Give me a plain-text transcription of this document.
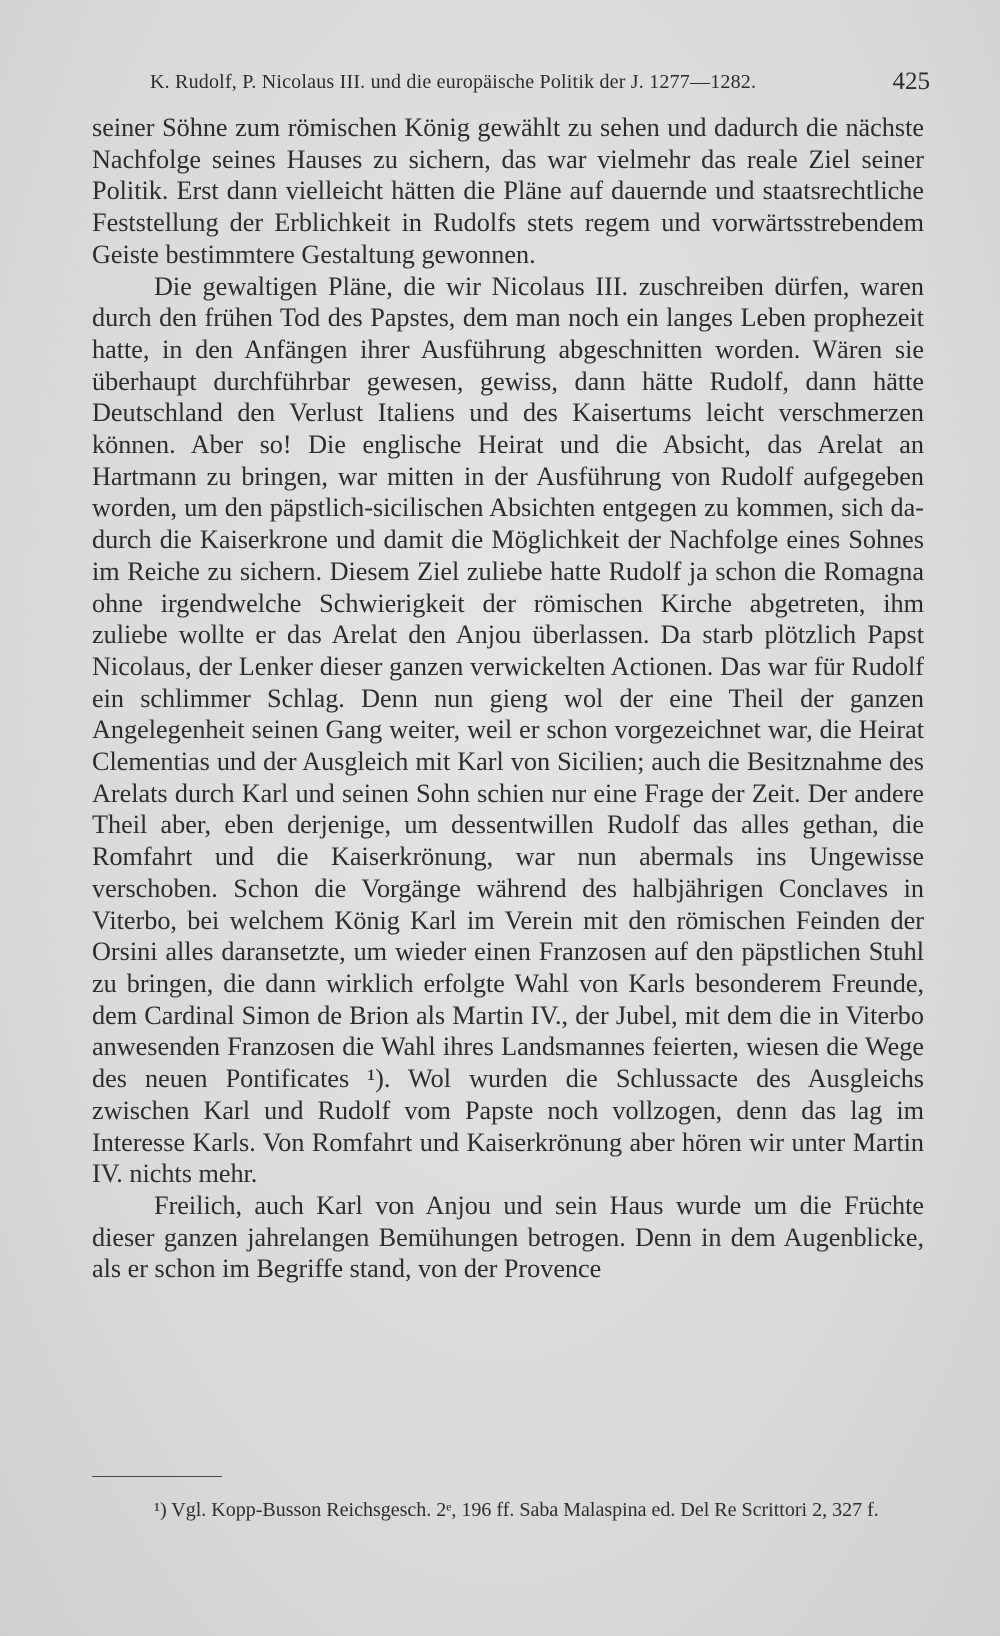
K. Rudolf, P. Nicolaus III. und die europäische Politik der J. 1277—1282.	425

seiner Söhne zum römischen König gewählt zu sehen und dadurch die nächste Nachfolge seines Hauses zu sichern, das war vielmehr das reale Ziel seiner Politik. Erst dann vielleicht hätten die Pläne auf dauernde und staatsrechtliche Feststellung der Erblichkeit in Rudolfs stets regem und vorwärtsstrebendem Geiste bestimmtere Gestaltung gewonnen.

Die gewaltigen Pläne, die wir Nicolaus III. zuschreiben dürfen, waren durch den frühen Tod des Papstes, dem man noch ein langes Leben prophezeit hatte, in den Anfängen ihrer Ausführung abgeschnitten worden. Wären sie überhaupt durchführbar gewesen, gewiss, dann hätte Rudolf, dann hätte Deutschland den Verlust Italiens und des Kaisertums leicht verschmerzen können. Aber so! Die englische Heirat und die Absicht, das Arelat an Hartmann zu bringen, war mitten in der Ausführung von Rudolf aufgegeben worden, um den päpstlich-sicilischen Absichten entgegen zu kommen, sich dadurch die Kaiserkrone und damit die Möglichkeit der Nachfolge eines Sohnes im Reiche zu sichern. Diesem Ziel zuliebe hatte Rudolf ja schon die Romagna ohne irgendwelche Schwierigkeit der römischen Kirche abgetreten, ihm zuliebe wollte er das Arelat den Anjou überlassen. Da starb plötzlich Papst Nicolaus, der Lenker dieser ganzen verwickelten Actionen. Das war für Rudolf ein schlimmer Schlag. Denn nun gieng wol der eine Theil der ganzen Angelegenheit seinen Gang weiter, weil er schon vorgezeichnet war, die Heirat Clementias und der Ausgleich mit Karl von Sicilien; auch die Besitznahme des Arelats durch Karl und seinen Sohn schien nur eine Frage der Zeit. Der andere Theil aber, eben derjenige, um dessentwillen Rudolf das alles gethan, die Romfahrt und die Kaiserkrönung, war nun abermals ins Ungewisse verschoben. Schon die Vorgänge während des halbjährigen Conclaves in Viterbo, bei welchem König Karl im Verein mit den römischen Feinden der Orsini alles daransetzte, um wieder einen Franzosen auf den päpstlichen Stuhl zu bringen, die dann wirklich erfolgte Wahl von Karls besonderem Freunde, dem Cardinal Simon de Brion als Martin IV., der Jubel, mit dem die in Viterbo anwesenden Franzosen die Wahl ihres Landsmannes feierten, wiesen die Wege des neuen Pontificates ¹). Wol wurden die Schlussacte des Ausgleichs zwischen Karl und Rudolf vom Papste noch vollzogen, denn das lag im Interesse Karls. Von Romfahrt und Kaiserkrönung aber hören wir unter Martin IV. nichts mehr.

Freilich, auch Karl von Anjou und sein Haus wurde um die Früchte dieser ganzen jahrelangen Bemühungen betrogen. Denn in dem Augenblicke, als er schon im Begriffe stand, von der Provence

¹) Vgl. Kopp-Busson Reichsgesch. 2ᵉ, 196 ff. Saba Malaspina ed. Del Re Scrittori 2, 327 f.
